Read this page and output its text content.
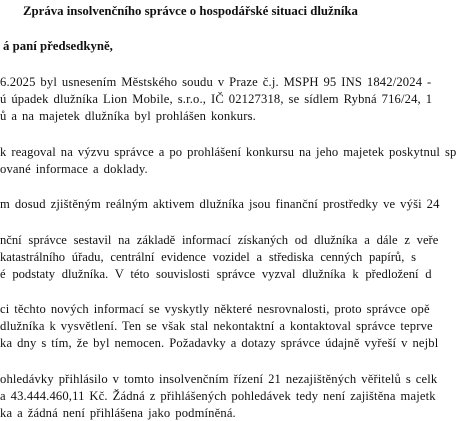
Zpráva insolvenčního správce o hospodářské situaci dlužníka
á paní předsedkyně,
6.2025 byl usnesením Městského soudu v Praze č.j. MSPH 95 INS 1842/2024 -
ú úpadek dlužníka Lion Mobile, s.r.o., IČ 02127318, se sídlem Rybná 716/24, 1
ů a na majetek dlužníka byl prohlášen konkurs.
k reagoval na výzvu správce a po prohlášení konkursu na jeho majetek poskytnul sp
ované informace a doklady.
m dosud zjištěným reálným aktivem dlužníka jsou finanční prostředky ve výši 24
nční správce sestavil na základě informací získaných od dlužníka a dále z veře
katastrálního úřadu, centrální evidence vozidel a střediska cenných papírů, s
é podstaty dlužníka. V této souvislosti správce vyzval dlužníka k předložení d
ci těchto nových informací se vyskytly některé nesrovnalosti, proto správce opě
dlužníka k vysvětlení. Ten se však stal nekontaktní a kontaktoval správce teprve
ka dny s tím, že byl nemocen. Požadavky a dotazy správce údajně vyřeší v nejbl
ohledávky přihlásilo v tomto insolvenčním řízení 21 nezajištěných věřitelů s celk
a 43.444.460,11 Kč. Žádná z přihlášených pohledávek tedy není zajištěna majetk
ka a žádná není přihlášena jako podmíněná.
